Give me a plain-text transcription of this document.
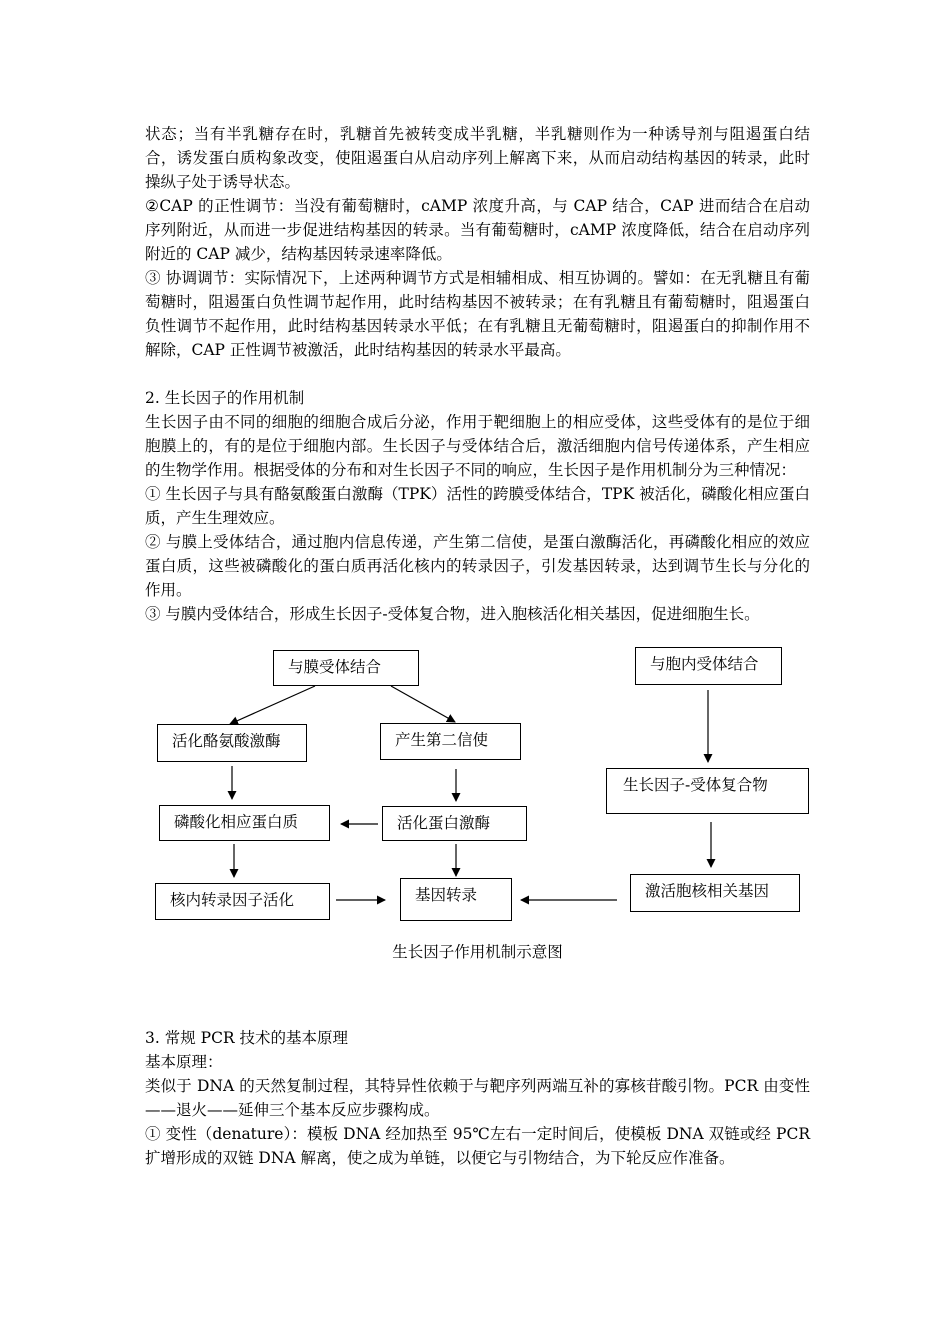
状态；当有半乳糖存在时，乳糖首先被转变成半乳糖，半乳糖则作为一种诱导剂与阻遏蛋白结合，诱发蛋白质构象改变，使阻遏蛋白从启动序列上解离下来，从而启动结构基因的转录，此时操纵子处于诱导状态。

②CAP 的正性调节：当没有葡萄糖时，cAMP 浓度升高，与 CAP 结合，CAP 进而结合在启动序列附近，从而进一步促进结构基因的转录。当有葡萄糖时，cAMP 浓度降低，结合在启动序列附近的 CAP 减少，结构基因转录速率降低。

③ 协调调节：实际情况下，上述两种调节方式是相辅相成、相互协调的。譬如：在无乳糖且有葡萄糖时，阻遏蛋白负性调节起作用，此时结构基因不被转录；在有乳糖且有葡萄糖时，阻遏蛋白负性调节不起作用，此时结构基因转录水平低；在有乳糖且无葡萄糖时，阻遏蛋白的抑制作用不解除，CAP 正性调节被激活，此时结构基因的转录水平最高。

2. 生长因子的作用机制

生长因子由不同的细胞的细胞合成后分泌，作用于靶细胞上的相应受体，这些受体有的是位于细胞膜上的，有的是位于细胞内部。生长因子与受体结合后，激活细胞内信号传递体系，产生相应的生物学作用。根据受体的分布和对生长因子不同的响应，生长因子是作用机制分为三种情况：

① 生长因子与具有酪氨酸蛋白激酶（TPK）活性的跨膜受体结合，TPK 被活化，磷酸化相应蛋白质，产生生理效应。

② 与膜上受体结合，通过胞内信息传递，产生第二信使，是蛋白激酶活化，再磷酸化相应的效应蛋白质，这些被磷酸化的蛋白质再活化核内的转录因子，引发基因转录，达到调节生长与分化的作用。

③ 与膜内受体结合，形成生长因子-受体复合物，进入胞核活化相关基因，促进细胞生长。

与膜受体结合	与胞内受体结合
活化酪氨酸激酶	产生第二信使
生长因子-受体复合物
磷酸化相应蛋白质	活化蛋白激酶
核内转录因子活化	基因转录	激活胞核相关基因
生长因子作用机制示意图

3. 常规 PCR 技术的基本原理

基本原理：

类似于 DNA 的天然复制过程，其特异性依赖于与靶序列两端互补的寡核苷酸引物。PCR 由变性——退火——延伸三个基本反应步骤构成。

① 变性（denature）：模板 DNA 经加热至 95℃左右一定时间后，使模板 DNA 双链或经 PCR 扩增形成的双链 DNA 解离，使之成为单链，以便它与引物结合，为下轮反应作准备。
